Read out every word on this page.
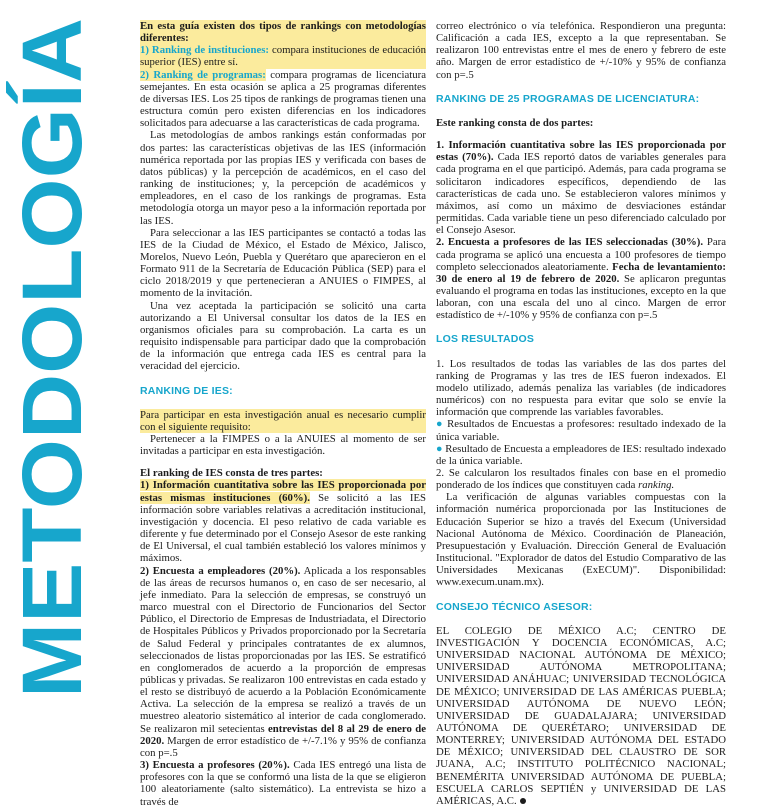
METODOLOGÍA

En esta guía existen dos tipos de rankings con metodologías diferentes:

1) Ranking de instituciones: compara instituciones de educación superior (IES) entre sí.

2) Ranking de programas: compara programas de licenciatura semejantes. En esta ocasión se aplica a 25 programas diferentes de diversas IES. Los 25 tipos de rankings de programas tienen una estructura común pero existen diferencias en los indicadores solicitados para adecuarse a las características de cada programa.

Las metodologías de ambos rankings están conformadas por dos partes: las características objetivas de las IES (información numérica reportada por las propias IES y verificada con bases de datos públicas) y la percepción de académicos, en el caso del ranking de instituciones; y, la percepción de académicos y empleadores, en el caso de los rankings de programas. Esta metodología otorga un mayor peso a la información reportada por las IES.

Para seleccionar a las IES participantes se contactó a todas las IES de la Ciudad de México, el Estado de México, Jalisco, Morelos, Nuevo León, Puebla y Querétaro que aparecieron en el Formato 911 de la Secretaría de Educación Pública (SEP) para el ciclo 2018/2019 y que pertenecieran a ANUIES o FIMPES, al momento de la invitación.

Una vez aceptada la participación se solicitó una carta autorizando a El Universal consultar los datos de la IES en organismos oficiales para su comprobación. La carta es un requisito indispensable para participar dado que la comprobación de la información que entrega cada IES es central para la veracidad del ejercicio.

RANKING DE IES:

Para participar en esta investigación anual es necesario cumplir con el siguiente requisito:

Pertenecer a la FIMPES o a la ANUIES al momento de ser invitadas a participar en esta investigación.

El ranking de IES consta de tres partes:

1) Información cuantitativa sobre las IES proporcionada por estas mismas instituciones (60%). Se solicitó a las IES información sobre variables relativas a acreditación institucional, investigación y docencia. El peso relativo de cada variable es diferente y fue determinado por el Consejo Asesor de este ranking de El Universal, el cual también estableció los valores mínimos y máximos.

2) Encuesta a empleadores (20%). Aplicada a los responsables de las áreas de recursos humanos o, en caso de ser necesario, al jefe inmediato. Para la selección de empresas, se construyó un marco muestral con el Directorio de Funcionarios del Sector Público, el Directorio de Empresas de Industriadata, el Directorio de Hospitales Públicos y Privados proporcionado por la Secretaría de Salud Federal y principales contratantes de ex alumnos, seleccionados de listas proporcionadas por las IES. Se estratificó en conglomerados de acuerdo a la proporción de empresas públicas y privadas. Se realizaron 100 entrevistas en cada estado y el resto se distribuyó de acuerdo a la Población Económicamente Activa. La selección de la empresa se realizó a través de un muestreo aleatorio sistemático al interior de cada conglomerado. Se realizaron mil setecientas entrevistas del 8 al 29 de enero de 2020. Margen de error estadístico de +/-7.1% y 95% de confianza con p=.5

3) Encuesta a profesores (20%). Cada IES entregó una lista de profesores con la que se conformó una lista de la que se eligieron 100 aleatoriamente (salto sistemático). La entrevista se hizo a través de

correo electrónico o vía telefónica. Respondieron una pregunta: Calificación a cada IES, excepto a la que representaban. Se realizaron 100 entrevistas entre el mes de enero y febrero de este año. Margen de error estadístico de +/-10% y 95% de confianza con p=.5

RANKING DE 25 PROGRAMAS DE LICENCIATURA:

Este ranking consta de dos partes:

1. Información cuantitativa sobre las IES proporcionada por estas (70%). Cada IES reportó datos de variables generales para cada programa en el que participó. Además, para cada programa se solicitaron indicadores específicos, dependiendo de las características de cada uno. Se establecieron valores mínimos y máximos, así como un máximo de desviaciones estándar permitidas. Cada variable tiene un peso diferenciado calculado por el Consejo Asesor.

2. Encuesta a profesores de las IES seleccionadas (30%). Para cada programa se aplicó una encuesta a 100 profesores de tiempo completo seleccionados aleatoriamente. Fecha de levantamiento: 30 de enero al 19 de febrero de 2020. Se aplicaron preguntas evaluando el programa en todas las instituciones, excepto en la que laboran, con una escala del uno al cinco. Margen de error estadístico de +/-10% y 95% de confianza con p=.5

LOS RESULTADOS

1. Los resultados de todas las variables de las dos partes del ranking de Programas y las tres de IES fueron indexados. El modelo utilizado, además penaliza las variables (de indicadores numéricos) con no respuesta para evitar que solo se envíe la información que comprende las variables favorables.

● Resultados de Encuestas a profesores: resultado indexado de la única variable.

● Resultado de Encuesta a empleadores de IES: resultado indexado de la única variable.

2. Se calcularon los resultados finales con base en el promedio ponderado de los índices que constituyen cada ranking.

La verificación de algunas variables compuestas con la información numérica proporcionada por las Instituciones de Educación Superior se hizo a través del Execum (Universidad Nacional Autónoma de México. Coordinación de Planeación, Presupuestación y Evaluación. Dirección General de Evaluación Institucional. "Explorador de datos del Estudio Comparativo de las Universidades Mexicanas (ExECUM)". Disponibilidad: www.execum.unam.mx).

CONSEJO TÉCNICO ASESOR:

EL COLEGIO DE MÉXICO A.C; CENTRO DE INVESTIGACIÓN Y DOCENCIA ECONÓMICAS, A.C; UNIVERSIDAD NACIONAL AUTÓNOMA DE MÉXICO; UNIVERSIDAD AUTÓNOMA METROPOLITANA; UNIVERSIDAD ANÁHUAC; UNIVERSIDAD TECNOLÓGICA DE MÉXICO; UNIVERSIDAD DE LAS AMÉRICAS PUEBLA; UNIVERSIDAD AUTÓNOMA DE NUEVO LEÓN; UNIVERSIDAD DE GUADALAJARA; UNIVERSIDAD AUTÓNOMA DE QUERÉTARO; UNIVERSIDAD DE MONTERREY; UNIVERSIDAD AUTÓNOMA DEL ESTADO DE MÉXICO; UNIVERSIDAD DEL CLAUSTRO DE SOR JUANA, A.C; INSTITUTO POLITÉCNICO NACIONAL; BENEMÉRITA UNIVERSIDAD AUTÓNOMA DE PUEBLA; ESCUELA CARLOS SEPTIÉN y UNIVERSIDAD DE LAS AMÉRICAS, A.C.
